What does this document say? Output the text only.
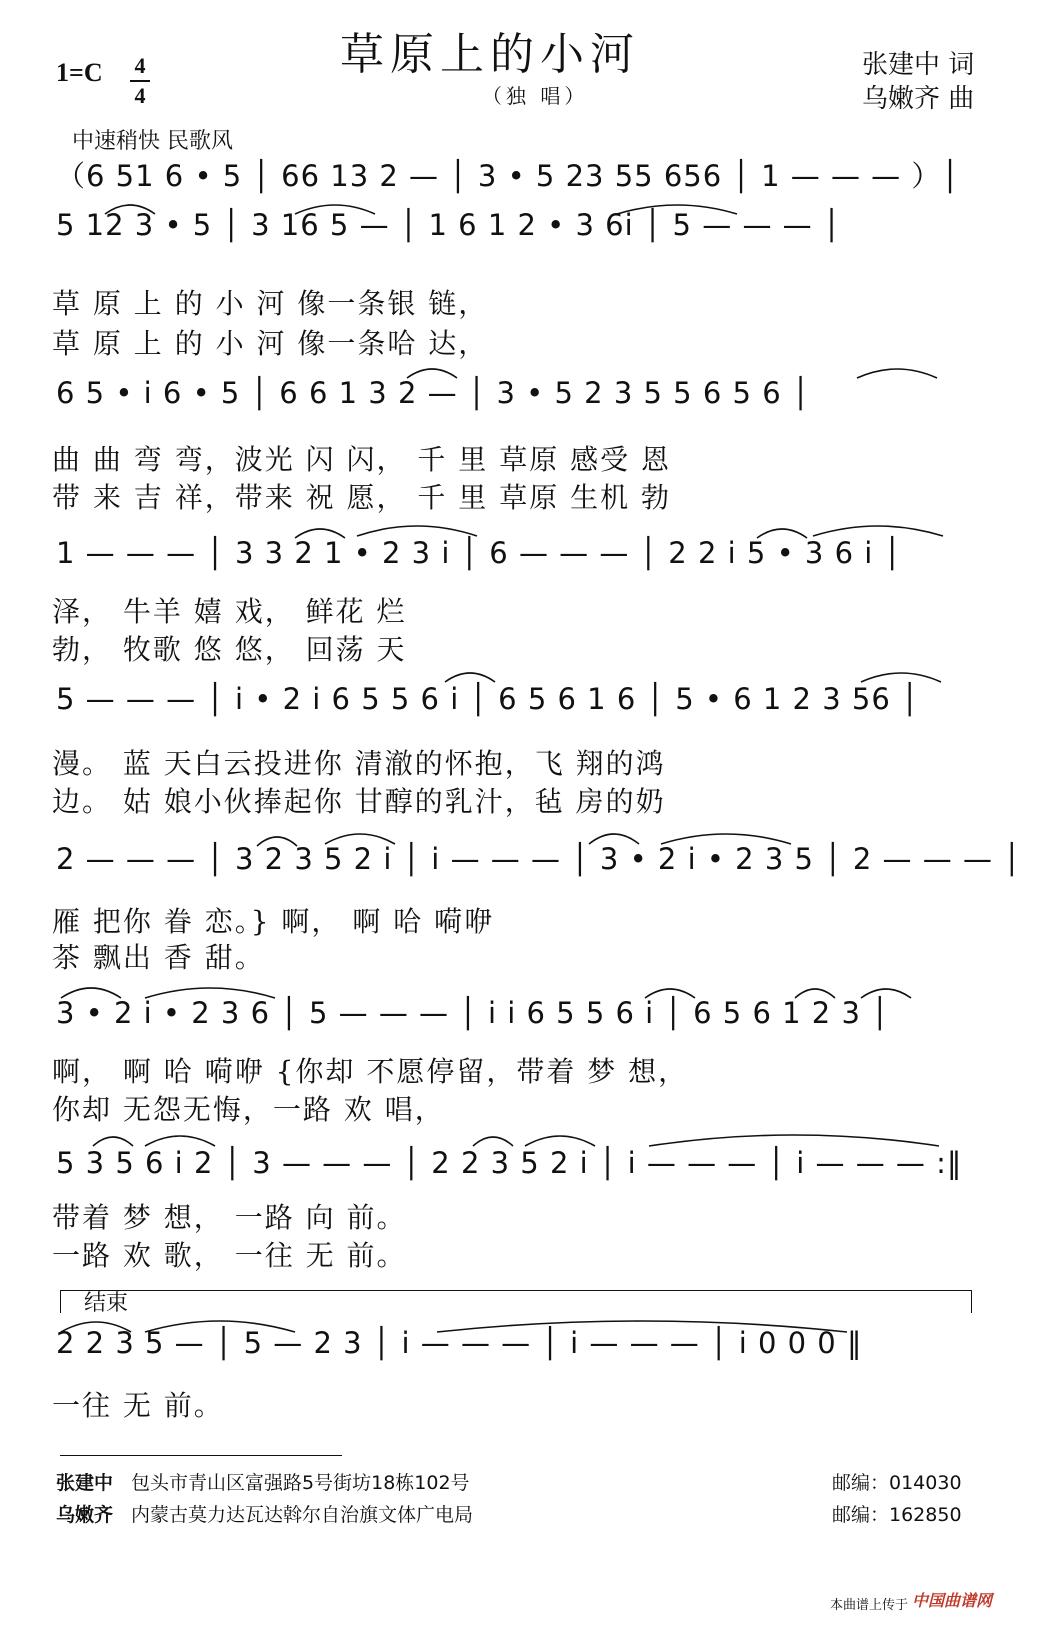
草原上的小河
（独 唱）
1=C 4
4
张建中 词
乌嫩齐 曲
中速稍快 民歌风
（6 51 6 • 5 │ 66 13 2 — │ 3 • 5 23 55 656 │ 1 — — — ）│
5 12 3 • 5 │ 3 16 5 — │ 1 6 1 2 • 3 6i │ 5 — — — │
草 原 上 的 小 河 像一条银 链，
草 原 上 的 小 河 像一条哈 达，
6 5 • i 6 • 5 │ 6 6 1 3 2 — │ 3 • 5 2 3 5 5 6 5 6 │
曲 曲 弯 弯，波光 闪 闪， 千 里 草原 感受 恩
带 来 吉 祥，带来 祝 愿， 千 里 草原 生机 勃
1 — — — │ 3 3 2 1 • 2 3 i │ 6 — — — │ 2 2 i 5 • 3 6 i │
泽， 牛羊 嬉 戏， 鲜花 烂
勃， 牧歌 悠 悠， 回荡 天
5 — — — │ i • 2 i 6 5 5 6 i │ 6 5 6 1 6 │ 5 • 6 1 2 3 56 │
漫。 蓝 天白云投进你 清澈的怀抱，飞 翔的鸿
边。 姑 娘小伙捧起你 甘醇的乳汁，毡 房的奶
2 — — — │ 3 2 3 5 2 i │ i — — — │ 3 • 2 i • 2 3 5 │ 2 — — — │
雁 把你 眷 恋。} 啊， 啊 哈 嗬咿
茶 飘出 香 甜。
3 • 2 i • 2 3 6 │ 5 — — — │ i i 6 5 5 6 i │ 6 5 6 1 2 3 │
啊， 啊 哈 嗬咿 {你却 不愿停留，带着 梦 想，
你却 无怨无悔，一路 欢 唱，
5 3 5 6 i 2 │ 3 — — — │ 2 2 3 5 2 i │ i — — — │ i — — — :‖
带着 梦 想， 一路 向 前。
一路 欢 歌， 一往 无 前。
结束
2 2 3 5 — │ 5 — 2 3 │ i — — — │ i — — — │ i 0 0 0 ‖
一往 无 前。
张建中 包头市青山区富强路5号街坊18栋102号	邮编：014030
乌嫩齐 内蒙古莫力达瓦达斡尔自治旗文体广电局	邮编：162850
本曲谱上传于 中国曲谱网
